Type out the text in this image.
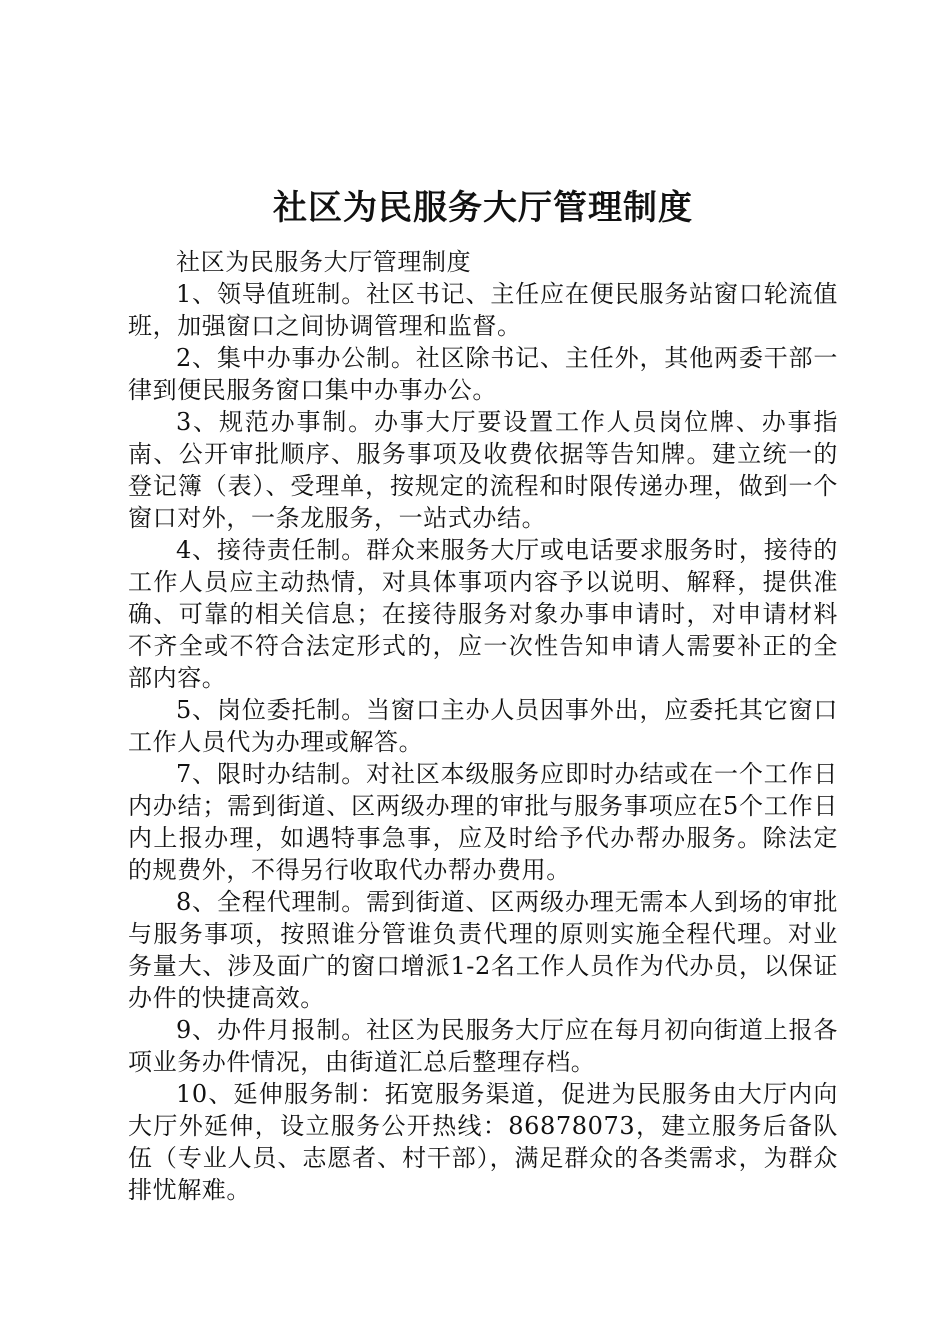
社区为民服务大厅管理制度

社区为民服务大厅管理制度

1、领导值班制。社区书记、主任应在便民服务站窗口轮流值班，加强窗口之间协调管理和监督。

2、集中办事办公制。社区除书记、主任外，其他两委干部一律到便民服务窗口集中办事办公。

3、规范办事制。办事大厅要设置工作人员岗位牌、办事指南、公开审批顺序、服务事项及收费依据等告知牌。建立统一的登记簿（表）、受理单，按规定的流程和时限传递办理，做到一个窗口对外，一条龙服务，一站式办结。

4、接待责任制。群众来服务大厅或电话要求服务时，接待的工作人员应主动热情，对具体事项内容予以说明、解释，提供准确、可靠的相关信息；在接待服务对象办事申请时，对申请材料不齐全或不符合法定形式的，应一次性告知申请人需要补正的全部内容。

5、岗位委托制。当窗口主办人员因事外出，应委托其它窗口工作人员代为办理或解答。

7、限时办结制。对社区本级服务应即时办结或在一个工作日内办结；需到街道、区两级办理的审批与服务事项应在5个工作日内上报办理，如遇特事急事，应及时给予代办帮办服务。除法定的规费外，不得另行收取代办帮办费用。

8、全程代理制。需到街道、区两级办理无需本人到场的审批与服务事项，按照谁分管谁负责代理的原则实施全程代理。对业务量大、涉及面广的窗口增派1-2名工作人员作为代办员，以保证办件的快捷高效。

9、办件月报制。社区为民服务大厅应在每月初向街道上报各项业务办件情况，由街道汇总后整理存档。

10、延伸服务制：拓宽服务渠道，促进为民服务由大厅内向大厅外延伸，设立服务公开热线：86878073，建立服务后备队伍（专业人员、志愿者、村干部），满足群众的各类需求，为群众排忧解难。
